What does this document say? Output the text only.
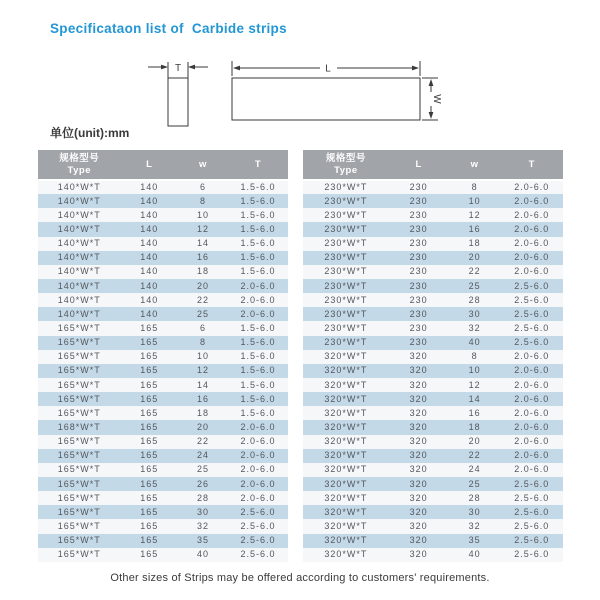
Specificataon list of  Carbide strips
T	L
W
单位(unit):mm
规格型号
Type	L	w	T
140*W*T	140	6	1.5-6.0
140*W*T	140	8	1.5-6.0
140*W*T	140	10	1.5-6.0
140*W*T	140	12	1.5-6.0
140*W*T	140	14	1.5-6.0
140*W*T	140	16	1.5-6.0
140*W*T	140	18	1.5-6.0
140*W*T	140	20	2.0-6.0
140*W*T	140	22	2.0-6.0
140*W*T	140	25	2.0-6.0
165*W*T	165	6	1.5-6.0
165*W*T	165	8	1.5-6.0
165*W*T	165	10	1.5-6.0
165*W*T	165	12	1.5-6.0
165*W*T	165	14	1.5-6.0
165*W*T	165	16	1.5-6.0
165*W*T	165	18	1.5-6.0
168*W*T	165	20	2.0-6.0
165*W*T	165	22	2.0-6.0
165*W*T	165	24	2.0-6.0
165*W*T	165	25	2.0-6.0
165*W*T	165	26	2.0-6.0
165*W*T	165	28	2.0-6.0
165*W*T	165	30	2.5-6.0
165*W*T	165	32	2.5-6.0
165*W*T	165	35	2.5-6.0
165*W*T	165	40	2.5-6.0
规格型号
Type	L	w	T
230*W*T	230	8	2.0-6.0
230*W*T	230	10	2.0-6.0
230*W*T	230	12	2.0-6.0
230*W*T	230	16	2.0-6.0
230*W*T	230	18	2.0-6.0
230*W*T	230	20	2.0-6.0
230*W*T	230	22	2.0-6.0
230*W*T	230	25	2.5-6.0
230*W*T	230	28	2.5-6.0
230*W*T	230	30	2.5-6.0
230*W*T	230	32	2.5-6.0
230*W*T	230	40	2.5-6.0
320*W*T	320	8	2.0-6.0
320*W*T	320	10	2.0-6.0
320*W*T	320	12	2.0-6.0
320*W*T	320	14	2.0-6.0
320*W*T	320	16	2.0-6.0
320*W*T	320	18	2.0-6.0
320*W*T	320	20	2.0-6.0
320*W*T	320	22	2.0-6.0
320*W*T	320	24	2.0-6.0
320*W*T	320	25	2.5-6.0
320*W*T	320	28	2.5-6.0
320*W*T	320	30	2.5-6.0
320*W*T	320	32	2.5-6.0
320*W*T	320	35	2.5-6.0
320*W*T	320	40	2.5-6.0
Other sizes of Strips may be offered according to customers' requirements.
